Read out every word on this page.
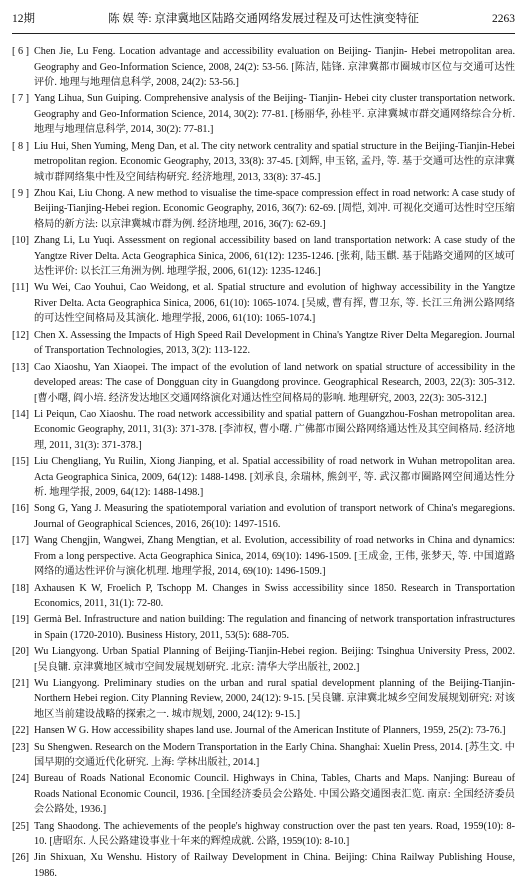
12期	陈 娱 等: 京津冀地区陆路交通网络发展过程及可达性演变特征	2263
[ 6 ] Chen Jie, Lu Feng. Location advantage and accessibility evaluation on Beijing- Tianjin- Hebei metropolitan area. Geography and Geo-Information Science, 2008, 24(2): 53-56. [陈洁, 陆锋. 京津冀都市圈城市区位与交通可达性评价. 地理与地理信息科学, 2008, 24(2): 53-56.]
[ 7 ] Yang Lihua, Sun Guiping. Comprehensive analysis of the Beijing- Tianjin- Hebei city cluster transportation network. Geography and Geo-Information Science, 2014, 30(2): 77-81. [杨丽华, 孙桂平. 京津冀城市群交通网络综合分析. 地理与地理信息科学, 2014, 30(2): 77-81.]
[ 8 ] Liu Hui, Shen Yuming, Meng Dan, et al. The city network centrality and spatial structure in the Beijing-Tianjin-Hebei metropolitan region. Economic Geography, 2013, 33(8): 37-45. [刘辉, 申玉铭, 孟丹, 等. 基于交通可达性的京津冀城市群网络集中性及空间结构研究. 经济地理, 2013, 33(8): 37-45.]
[ 9 ] Zhou Kai, Liu Chong. A new method to visualise the time-space compression effect in road network: A case study of Beijing-Tianjing-Hebei region. Economic Geography, 2016, 36(7): 62-69. [周恺, 刘冲. 可视化交通可达性时空压缩格局的新方法: 以京津冀城市群为例. 经济地理, 2016, 36(7): 62-69.]
[10] Zhang Li, Lu Yuqi. Assessment on regional accessibility based on land transportation network: A case study of the Yangtze River Delta. Acta Geographica Sinica, 2006, 61(12): 1235-1246. [张莉, 陆玉麒. 基于陆路交通网的区域可达性评价: 以长江三角洲为例. 地理学报, 2006, 61(12): 1235-1246.]
[11] Wu Wei, Cao Youhui, Cao Weidong, et al. Spatial structure and evolution of highway accessibility in the Yangtze River Delta. Acta Geographica Sinica, 2006, 61(10): 1065-1074. [吴威, 曹有挥, 曹卫东, 等. 长江三角洲公路网络的可达性空间格局及其演化. 地理学报, 2006, 61(10): 1065-1074.]
[12] Chen X. Assessing the Impacts of High Speed Rail Development in China's Yangtze River Delta Megaregion. Journal of Transportation Technologies, 2013, 3(2): 113-122.
[13] Cao Xiaoshu, Yan Xiaopei. The impact of the evolution of land network on spatial structure of accessibility in the developed areas: The case of Dongguan city in Guangdong province. Geographical Research, 2003, 22(3): 305-312. [曹小曙, 阎小培. 经济发达地区交通网络演化对通达性空间格局的影响. 地理研究, 2003, 22(3): 305-312.]
[14] Li Peiqun, Cao Xiaoshu. The road network accessibility and spatial pattern of Guangzhou-Foshan metropolitan area. Economic Geography, 2011, 31(3): 371-378. [李沛权, 曹小曙. 广佛都市圈公路网络通达性及其空间格局. 经济地理, 2011, 31(3): 371-378.]
[15] Liu Chengliang, Yu Ruilin, Xiong Jianping, et al. Spatial accessibility of road network in Wuhan metropolitan area. Acta Geographica Sinica, 2009, 64(12): 1488-1498. [刘承良, 余瑞林, 熊剑平, 等. 武汉都市圈路网空间通达性分析. 地理学报, 2009, 64(12): 1488-1498.]
[16] Song G, Yang J. Measuring the spatiotemporal variation and evolution of transport network of China's megaregions. Journal of Geographical Sciences, 2016, 26(10): 1497-1516.
[17] Wang Chengjin, Wangwei, Zhang Mengtian, et al. Evolution, accessibility of road networks in China and dynamics: From a long perspective. Acta Geographica Sinica, 2014, 69(10): 1496-1509. [王成金, 王伟, 张梦天, 等. 中国道路网络的通达性评价与演化机理. 地理学报, 2014, 69(10): 1496-1509.]
[18] Axhausen K W, Froelich P, Tschopp M. Changes in Swiss accessibility since 1850. Research in Transportation Economics, 2011, 31(1): 72-80.
[19] Germà Bel. Infrastructure and nation building: The regulation and financing of network transportation infrastructures in Spain (1720-2010). Business History, 2011, 53(5): 688-705.
[20] Wu Liangyong. Urban Spatial Planning of Beijing-Tianjin-Hebei region. Beijing: Tsinghua University Press, 2002. [吴良镛. 京津冀地区城市空间发展规划研究. 北京: 清华大学出版社, 2002.]
[21] Wu Liangyong. Preliminary studies on the urban and rural spatial development planning of the Beijing-Tianjin-Northern Hebei region. City Planning Review, 2000, 24(12): 9-15. [吴良镛. 京津冀北城乡空间发展规划研究: 对该地区当前建设战略的探索之一. 城市规划, 2000, 24(12): 9-15.]
[22] Hansen W G. How accessibility shapes land use. Journal of the American Institute of Planners, 1959, 25(2): 73-76.]
[23] Su Shengwen. Research on the Modern Transportation in the Early China. Shanghai: Xuelin Press, 2014. [苏生文. 中国早期的交通近代化研究. 上海: 学林出版社, 2014.]
[24] Bureau of Roads National Economic Council. Highways in China, Tables, Charts and Maps. Nanjing: Bureau of Roads National Economic Council, 1936. [全国经济委员会公路处. 中国公路交通图表汇览. 南京: 全国经济委员会公路处, 1936.]
[25] Tang Shaodong. The achievements of the people's highway construction over the past ten years. Road, 1959(10): 8-10. [唐昭东. 人民公路建设事业十年来的辉煌成就. 公路, 1959(10): 8-10.]
[26] Jin Shixuan, Xu Wenshu. History of Railway Development in China. Beijing: China Railway Publishing House, 1986.
